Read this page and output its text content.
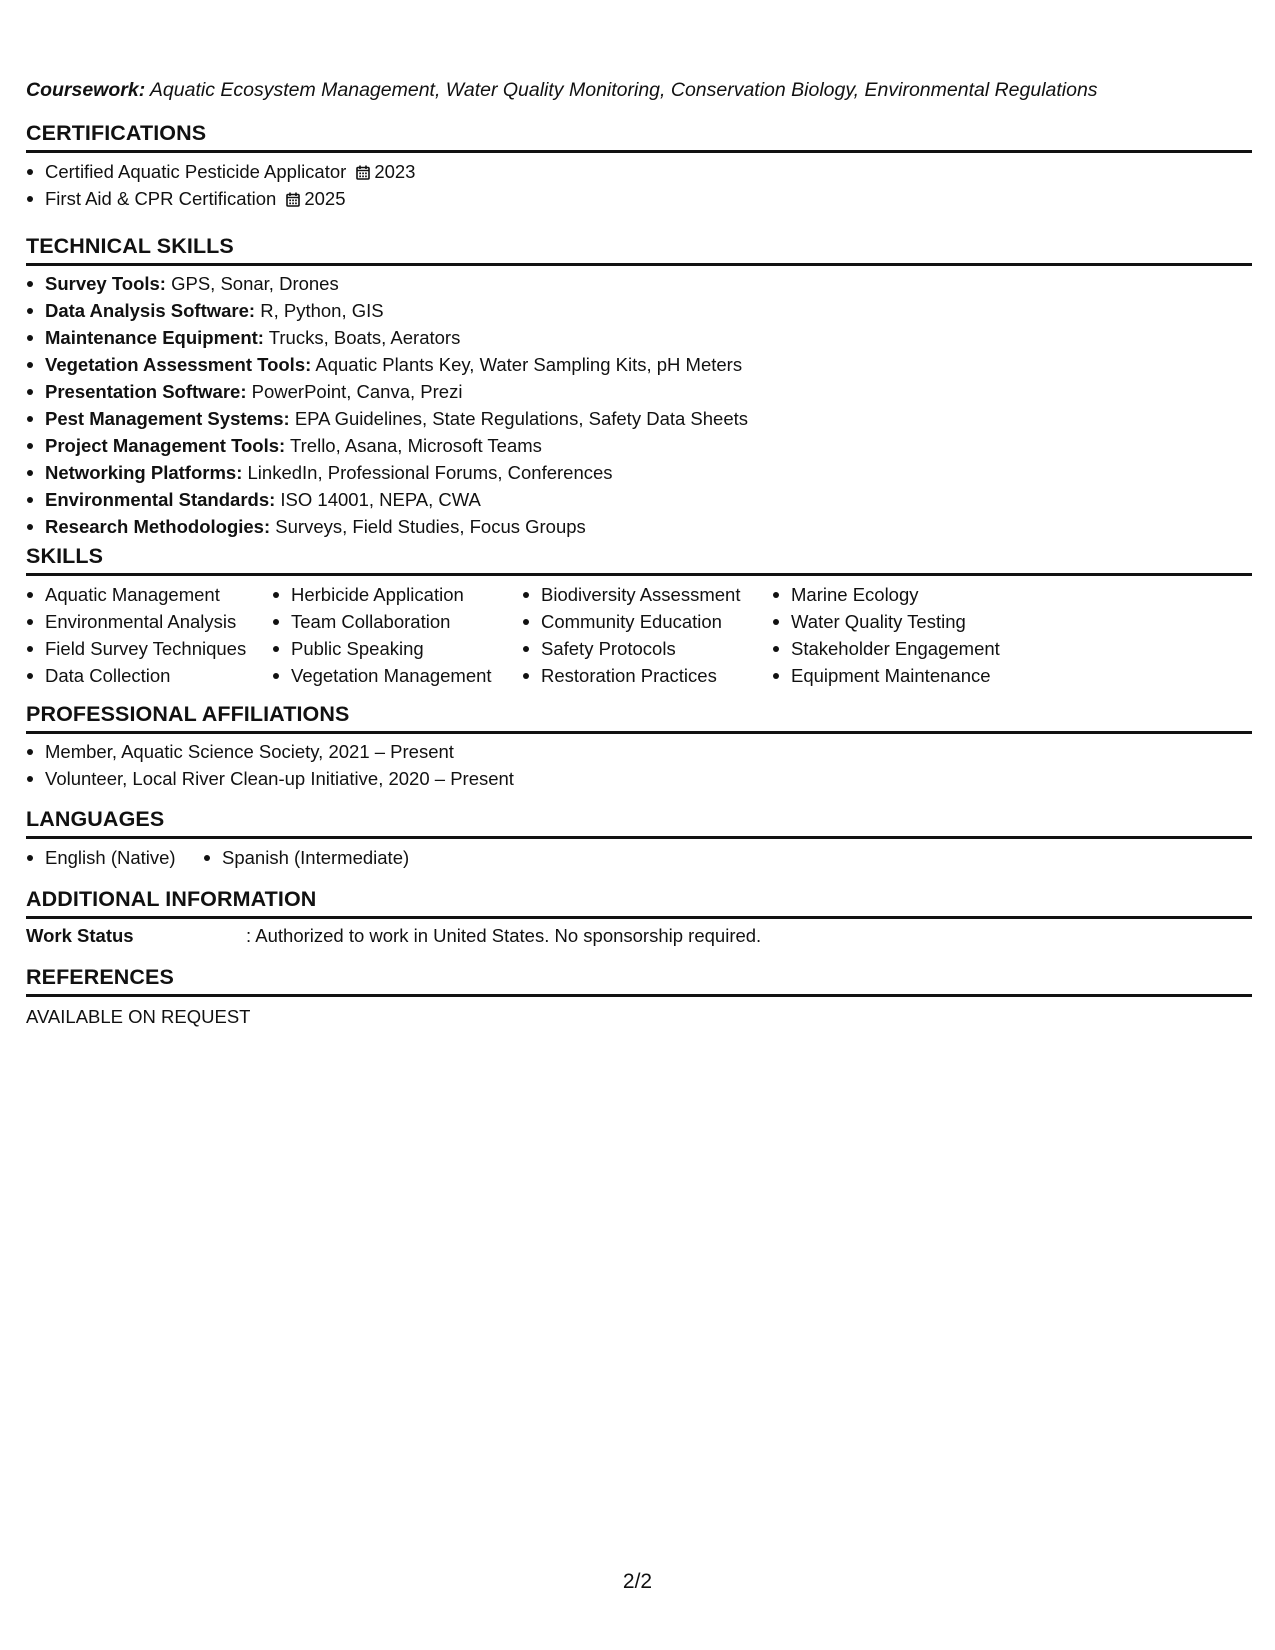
Coursework: Aquatic Ecosystem Management, Water Quality Monitoring, Conservation Biology, Environmental Regulations
CERTIFICATIONS
Certified Aquatic Pesticide Applicator 2023
First Aid & CPR Certification 2025
TECHNICAL SKILLS
Survey Tools: GPS, Sonar, Drones
Data Analysis Software: R, Python, GIS
Maintenance Equipment: Trucks, Boats, Aerators
Vegetation Assessment Tools: Aquatic Plants Key, Water Sampling Kits, pH Meters
Presentation Software: PowerPoint, Canva, Prezi
Pest Management Systems: EPA Guidelines, State Regulations, Safety Data Sheets
Project Management Tools: Trello, Asana, Microsoft Teams
Networking Platforms: LinkedIn, Professional Forums, Conferences
Environmental Standards: ISO 14001, NEPA, CWA
Research Methodologies: Surveys, Field Studies, Focus Groups
SKILLS
Aquatic Management
Environmental Analysis
Field Survey Techniques
Data Collection
Herbicide Application
Team Collaboration
Public Speaking
Vegetation Management
Biodiversity Assessment
Community Education
Safety Protocols
Restoration Practices
Marine Ecology
Water Quality Testing
Stakeholder Engagement
Equipment Maintenance
PROFESSIONAL AFFILIATIONS
Member, Aquatic Science Society, 2021 – Present
Volunteer, Local River Clean-up Initiative, 2020 – Present
LANGUAGES
English (Native)	Spanish (Intermediate)
ADDITIONAL INFORMATION
Work Status	: Authorized to work in United States. No sponsorship required.
REFERENCES
AVAILABLE ON REQUEST
2/2
